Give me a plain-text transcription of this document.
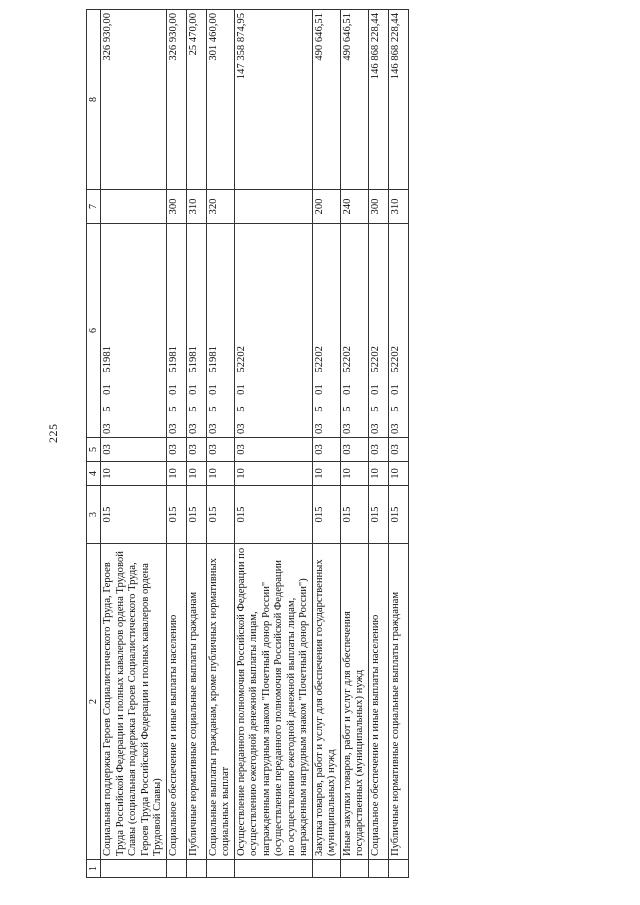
225
1	2	3	4	5	6	7	8
	Социальная поддержка Героев Социалистического Труда, Героев Труда Российской Федерации и полных кавалеров ордена Трудовой Славы (социальная поддержка Героев Социалистического Труда, Героев Труда Российской Федерации и полных кавалеров ордена Трудовой Славы)	015	10	03	03 5 01 51981		326 930,00
	Социальное обеспечение и иные выплаты населению	015	10	03	03 5 01 51981	300	326 930,00
	Публичные нормативные социальные выплаты гражданам	015	10	03	03 5 01 51981	310	25 470,00
	Социальные выплаты гражданам, кроме публичных нормативных социальных выплат	015	10	03	03 5 01 51981	320	301 460,00
	Осуществление переданного полномочия Российской Федерации по осуществлению ежегодной денежной выплаты лицам, награжденным нагрудным знаком "Почетный донор России" (осуществление переданного полномочия Российской Федерации по осуществлению ежегодной денежной выплаты лицам, награжденным нагрудным знаком "Почетный донор России")	015	10	03	03 5 01 52202		147 358 874,95
	Закупка товаров, работ и услуг для обеспечения государственных (муниципальных) нужд	015	10	03	03 5 01 52202	200	490 646,51
	Иные закупки товаров, работ и услуг для обеспечения государственных (муниципальных) нужд	015	10	03	03 5 01 52202	240	490 646,51
	Социальное обеспечение и иные выплаты населению	015	10	03	03 5 01 52202	300	146 868 228,44
	Публичные нормативные социальные выплаты гражданам	015	10	03	03 5 01 52202	310	146 868 228,44
